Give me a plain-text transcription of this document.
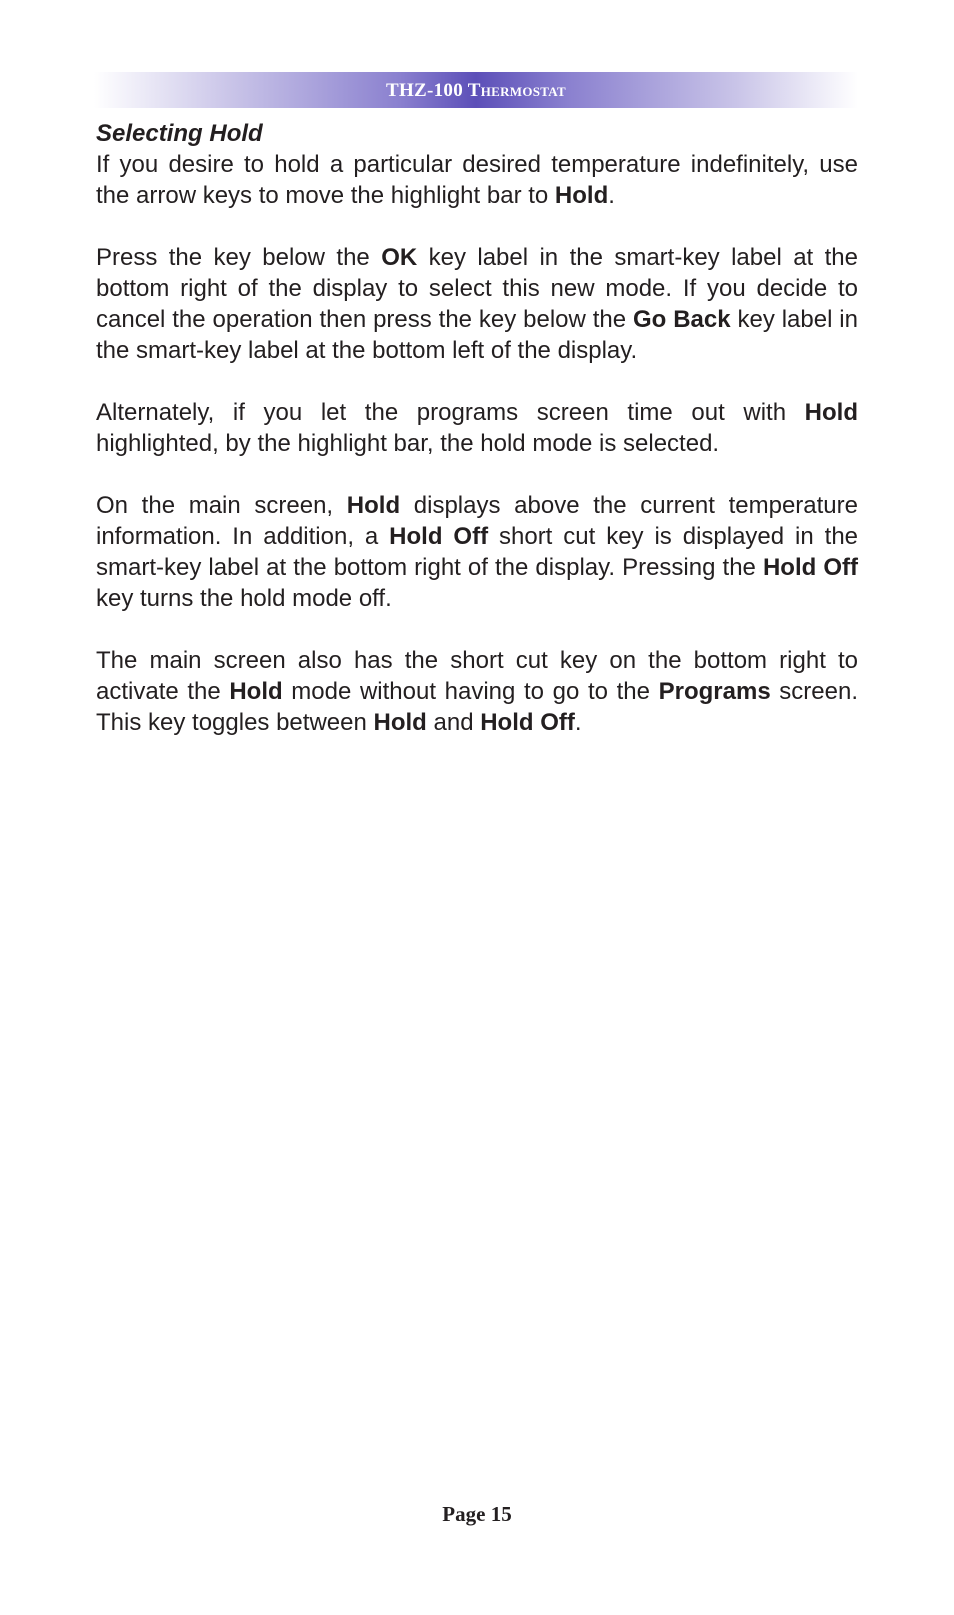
THZ-100 Thermostat
Selecting Hold

If you desire to hold a particular desired temperature indefinitely, use the arrow keys to move the highlight bar to Hold.

Press the key below the OK key label in the smart-key label at the bottom right of the display to select this new mode. If you decide to cancel the operation then press the key below the Go Back key label in the smart-key label at the bottom left of the display.

Alternately, if you let the programs screen time out with Hold highlighted, by the highlight bar, the hold mode is selected.

On the main screen, Hold displays above the current temperature information. In addition, a Hold Off short cut key is displayed in the smart-key label at the bottom right of the display. Pressing the Hold Off key turns the hold mode off.

The main screen also has the short cut key on the bottom right to activate the Hold mode without having to go to the Programs screen. This key toggles between Hold and Hold Off.

Page 15
